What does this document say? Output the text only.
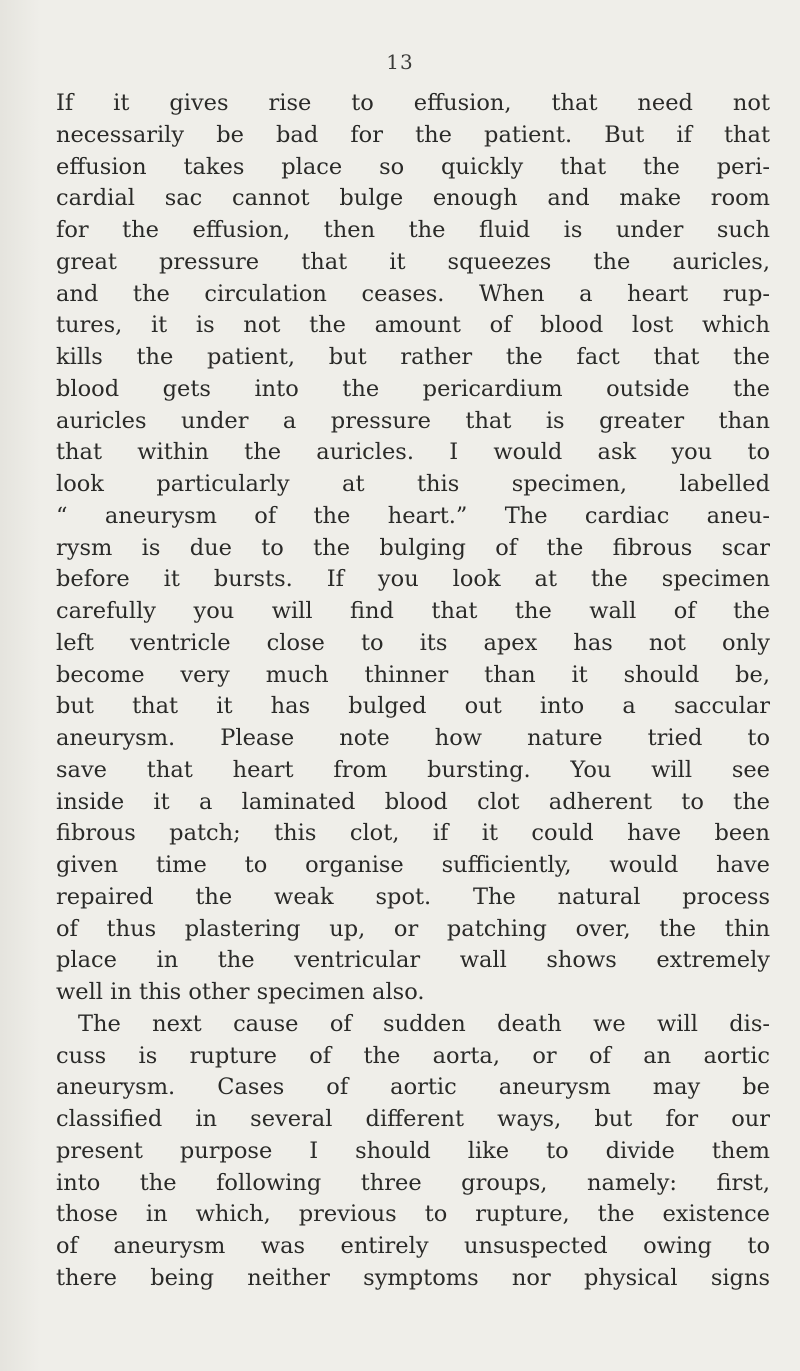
13
If it gives rise to effusion, that need not
necessarily be bad for the patient. But if that
effusion takes place so quickly that the peri-
cardial sac cannot bulge enough and make room
for the effusion, then the fluid is under such
great pressure that it squeezes the auricles,
and the circulation ceases. When a heart rup-
tures, it is not the amount of blood lost which
kills the patient, but rather the fact that the
blood gets into the pericardium outside the
auricles under a pressure that is greater than
that within the auricles. I would ask you to
look particularly at this specimen, labelled
“ aneurysm of the heart.” The cardiac aneu-
rysm is due to the bulging of the fibrous scar
before it bursts. If you look at the specimen
carefully you will find that the wall of the
left ventricle close to its apex has not only
become very much thinner than it should be,
but that it has bulged out into a saccular
aneurysm. Please note how nature tried to
save that heart from bursting. You will see
inside it a laminated blood clot adherent to the
fibrous patch; this clot, if it could have been
given time to organise sufficiently, would have
repaired the weak spot. The natural process
of thus plastering up, or patching over, the thin
place in the ventricular wall shows extremely
well in this other specimen also.
The next cause of sudden death we will dis-
cuss is rupture of the aorta, or of an aortic
aneurysm. Cases of aortic aneurysm may be
classified in several different ways, but for our
present purpose I should like to divide them
into the following three groups, namely: first,
those in which, previous to rupture, the existence
of aneurysm was entirely unsuspected owing to
there being neither symptoms nor physical signs
